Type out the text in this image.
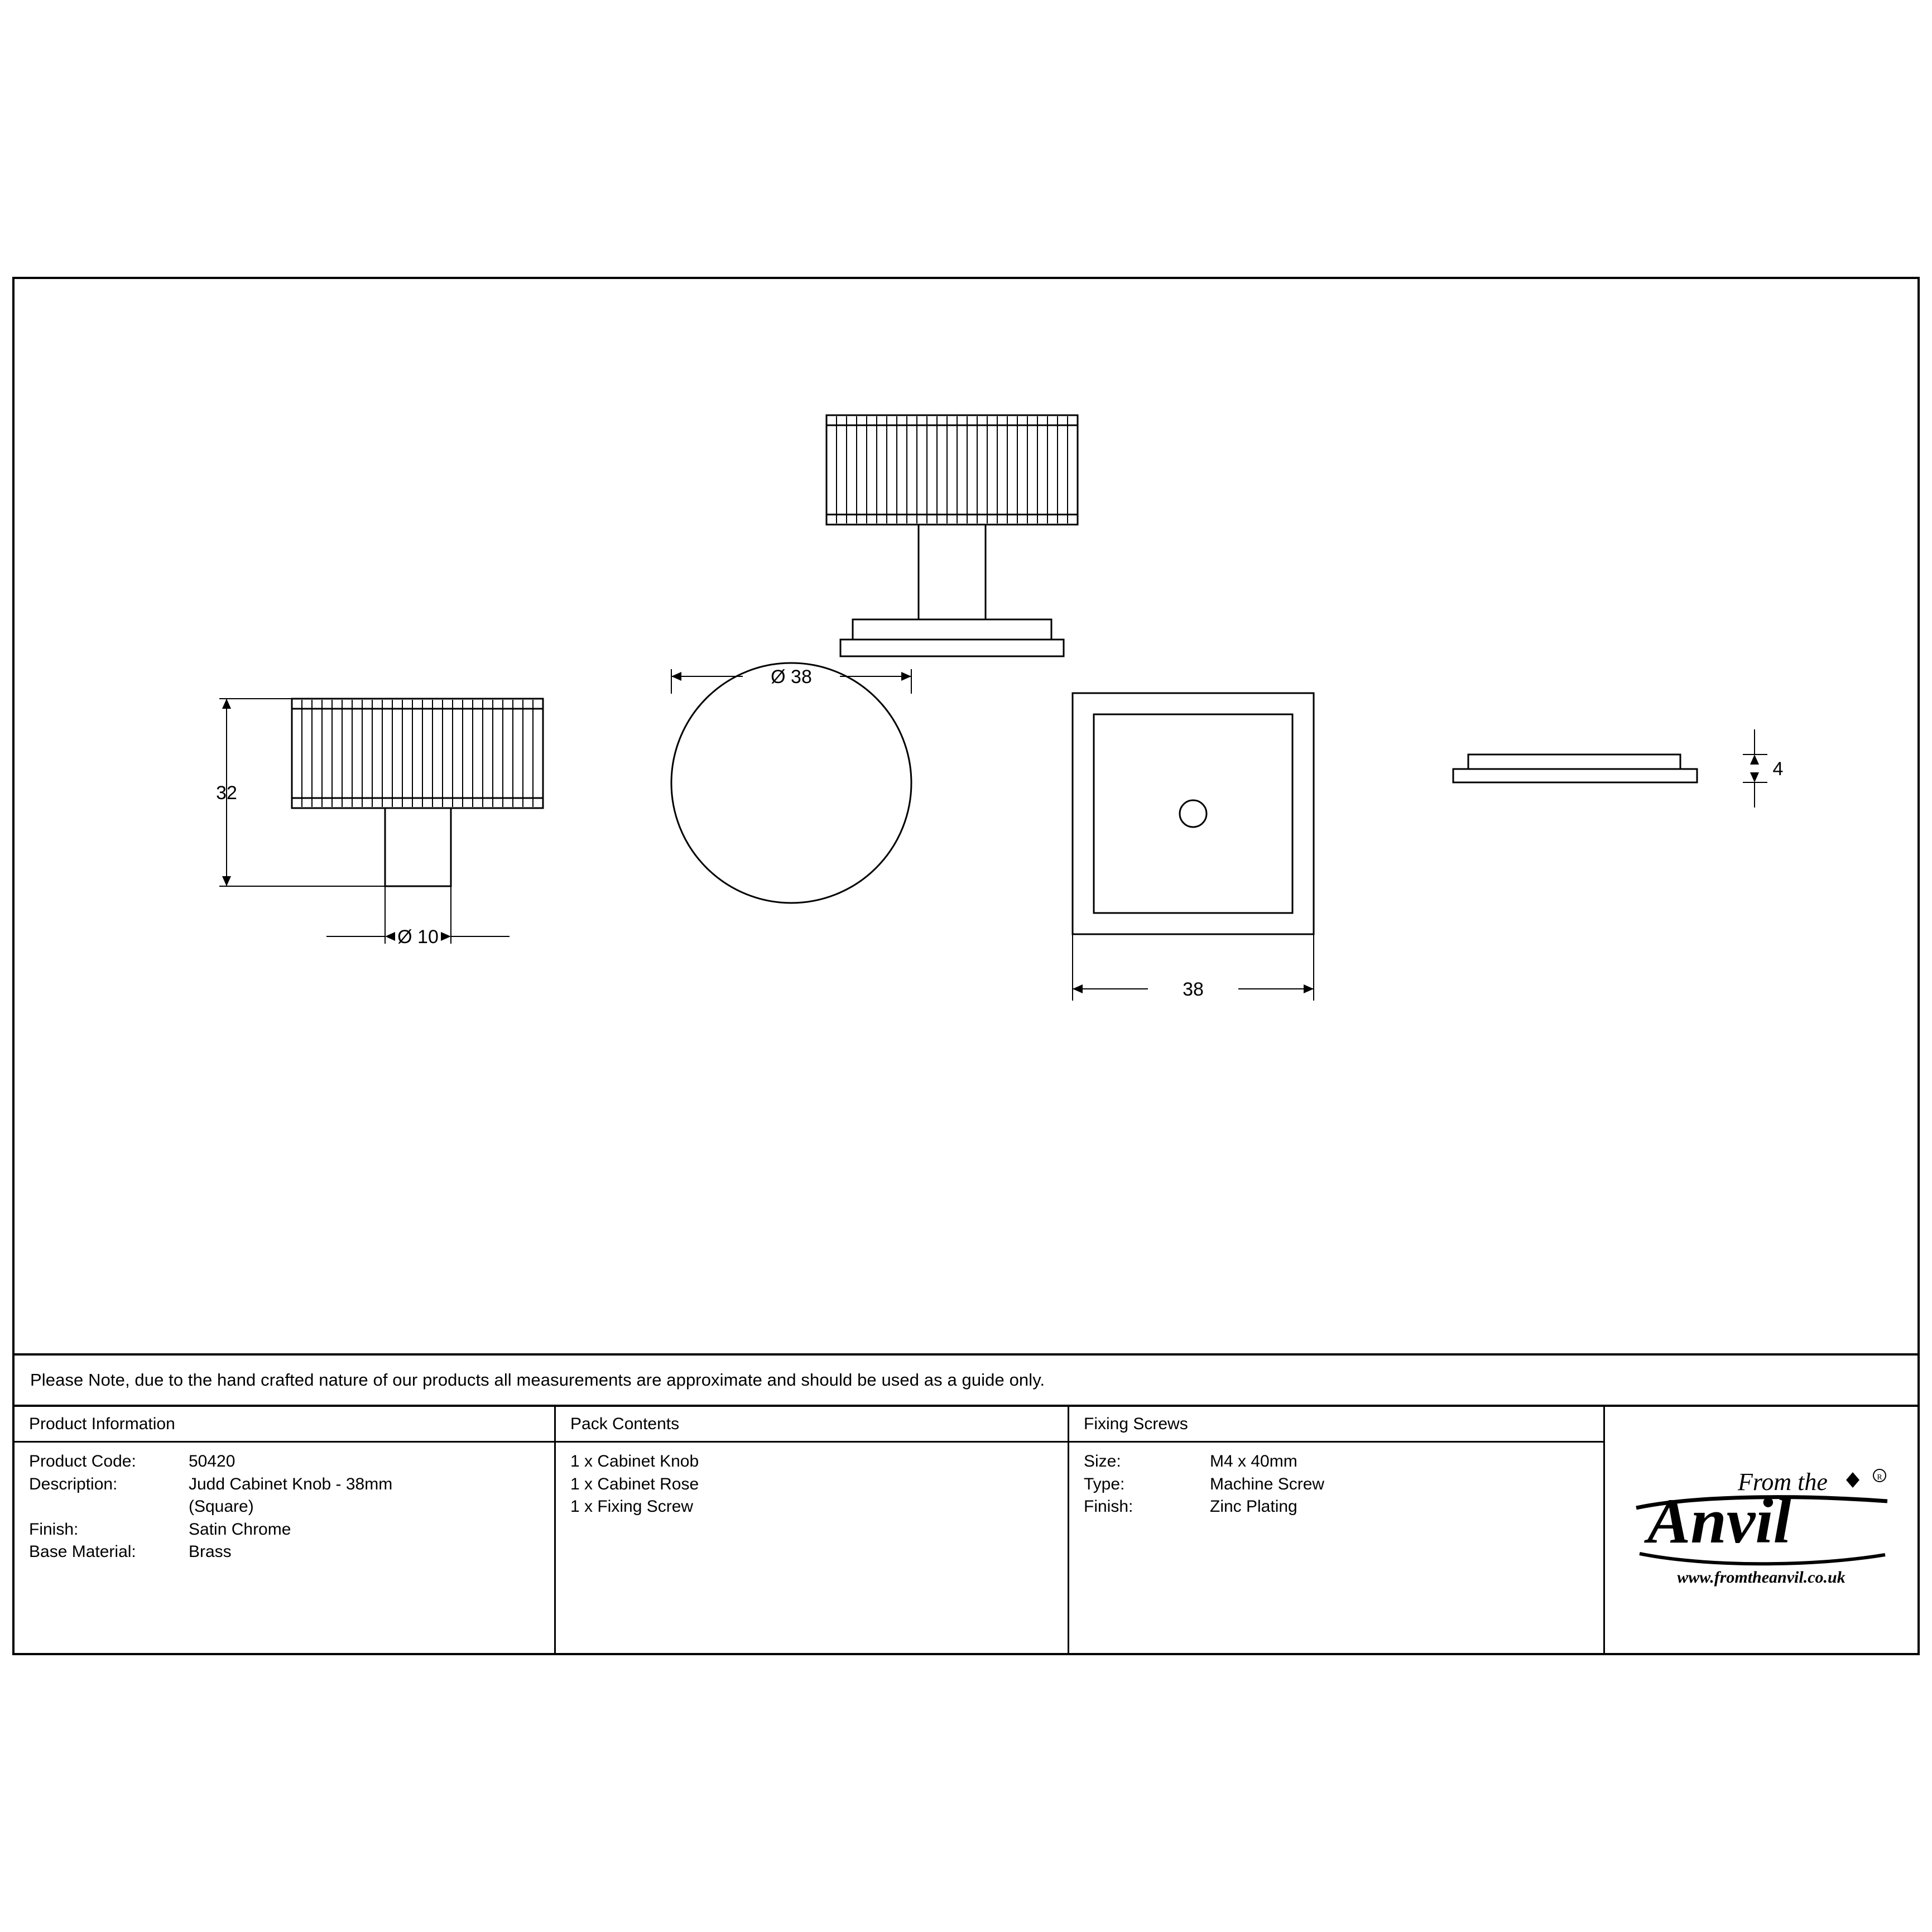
Ø 38
32
Ø 10
38
4
Please Note, due to the hand crafted nature of our products all measurements are approximate and should be used as a guide only.
Product Information
Product Code:	50420
Description:	Judd Cabinet Knob - 38mm
(Square)
Finish:	Satin Chrome
Base Material:	Brass
Pack Contents
1 x Cabinet Knob
1 x Cabinet Rose
1 x Fixing Screw
Fixing Screws
Size:	M4 x 40mm
Type:	Machine Screw
Finish:	Zinc Plating
From the	R
Anvil
www.fromtheanvil.co.uk
